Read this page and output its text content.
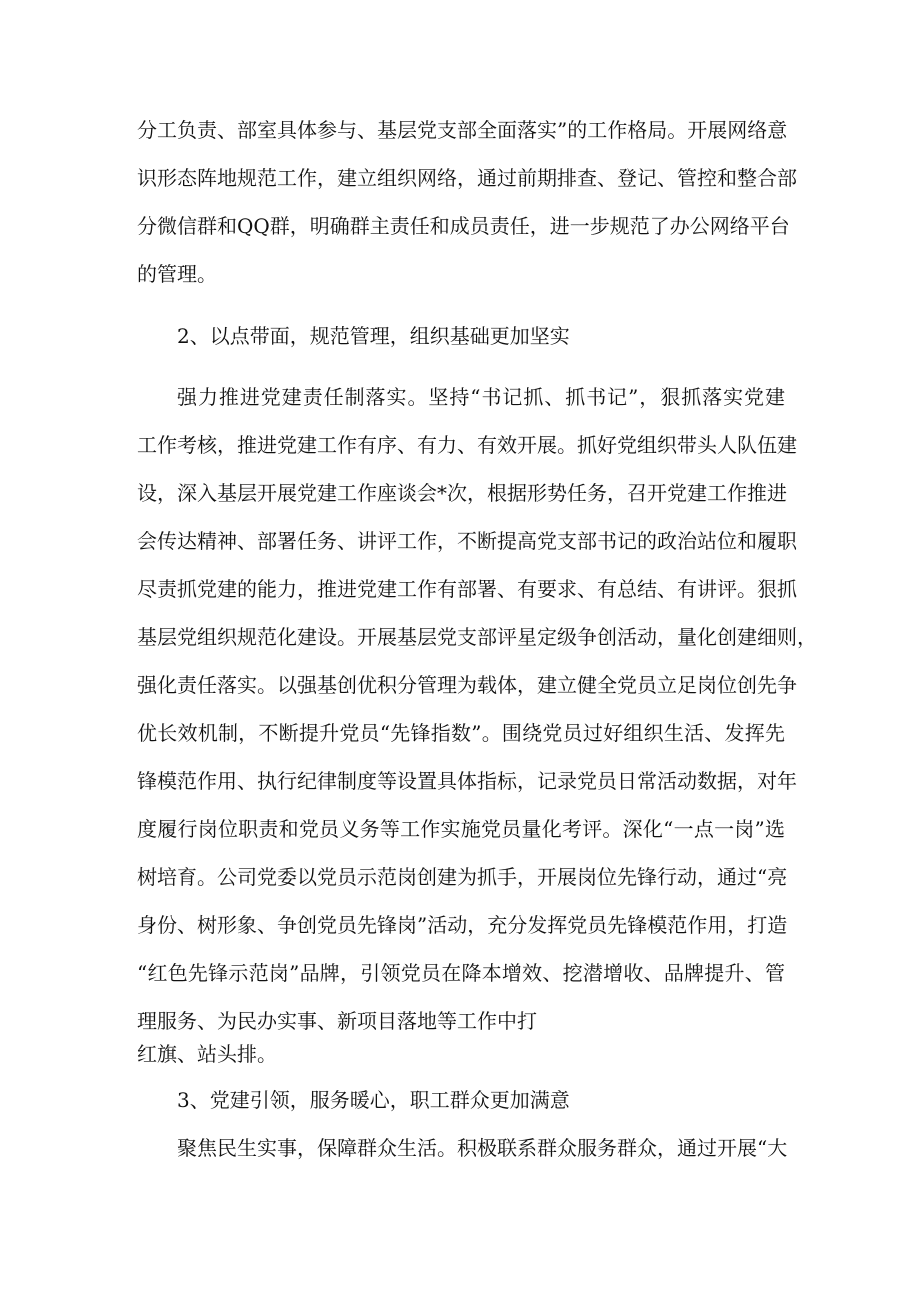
分工负责、部室具体参与、基层党支部全面落实”的工作格局。开展网络意

识形态阵地规范工作，建立组织网络，通过前期排查、登记、管控和整合部

分微信群和QQ群，明确群主责任和成员责任，进一步规范了办公网络平台

的管理。

2、以点带面，规范管理，组织基础更加坚实

强力推进党建责任制落实。坚持“书记抓、抓书记”，狠抓落实党建

工作考核，推进党建工作有序、有力、有效开展。抓好党组织带头人队伍建

设，深入基层开展党建工作座谈会*次，根据形势任务，召开党建工作推进

会传达精神、部署任务、讲评工作，不断提高党支部书记的政治站位和履职

尽责抓党建的能力，推进党建工作有部署、有要求、有总结、有讲评。狠抓

基层党组织规范化建设。开展基层党支部评星定级争创活动，量化创建细则，

强化责任落实。以强基创优积分管理为载体，建立健全党员立足岗位创先争

优长效机制，不断提升党员“先锋指数”。围绕党员过好组织生活、发挥先

锋模范作用、执行纪律制度等设置具体指标，记录党员日常活动数据，对年

度履行岗位职责和党员义务等工作实施党员量化考评。深化“一点一岗”选

树培育。公司党委以党员示范岗创建为抓手，开展岗位先锋行动，通过“亮

身份、树形象、争创党员先锋岗”活动，充分发挥党员先锋模范作用，打造

“红色先锋示范岗”品牌，引领党员在降本增效、挖潜增收、品牌提升、管

理服务、为民办实事、新项目落地等工作中打

红旗、站头排。

3、党建引领，服务暖心，职工群众更加满意

聚焦民生实事，保障群众生活。积极联系群众服务群众，通过开展“大
